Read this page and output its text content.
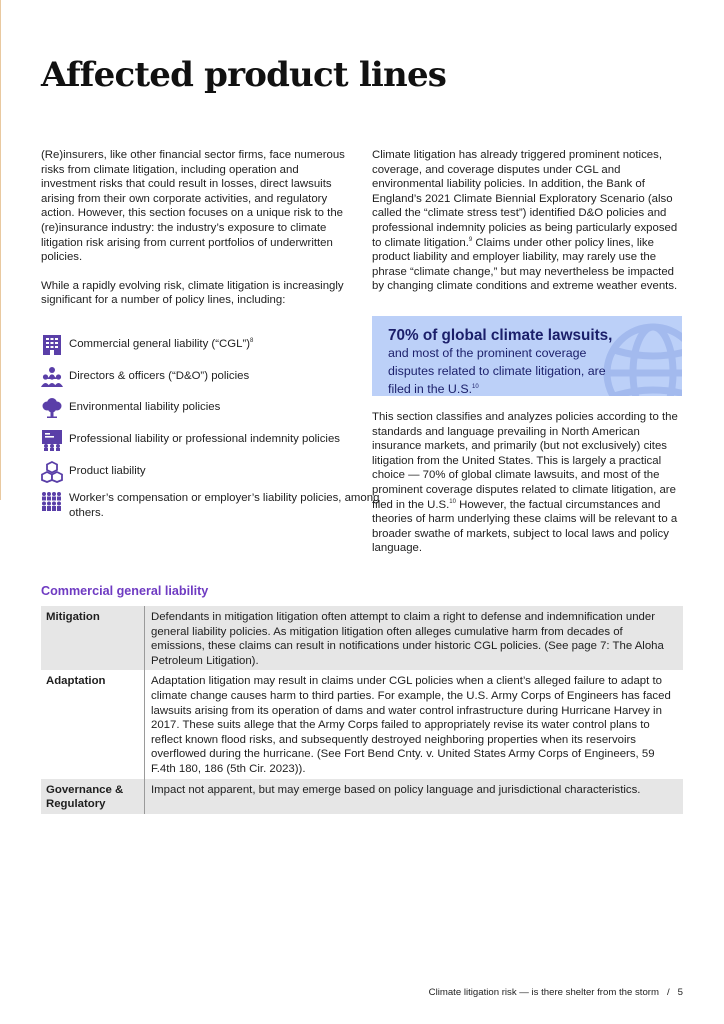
Affected product lines

(Re)insurers, like other financial sector firms, face numerous risks from climate litigation, including operation and investment risks that could result in losses, direct lawsuits arising from their own corporate activities, and regulatory action. However, this section focuses on a unique risk to the (re)insurance industry: the industry’s exposure to climate litigation risk arising from current portfolios of underwritten policies.

While a rapidly evolving risk, climate litigation is increasingly significant for a number of policy lines, including:

Commercial general liability (“CGL”)$^8$
Directors & officers (“D&O”) policies
Environmental liability policies
Professional liability or professional indemnity policies
Product liability
Worker’s compensation or employer’s liability policies, among others.

Climate litigation has already triggered prominent notices, coverage, and coverage disputes under CGL and environmental liability policies. In addition, the Bank of England’s 2021 Climate Biennial Exploratory Scenario (also called the “climate stress test”) identified D&O policies and professional indemnity policies as being particularly exposed to climate litigation.$^9$ Claims under other policy lines, like product liability and employer liability, may rarely use the phrase “climate change,” but may nevertheless be impacted by changing climate conditions and extreme weather events.

70% of global climate lawsuits,
and most of the prominent coverage disputes related to climate litigation, are filed in the U.S.$^{10}$

This section classifies and analyzes policies according to the standards and language prevailing in North American insurance markets, and primarily (but not exclusively) cites litigation from the United States. This is largely a practical choice — 70% of global climate lawsuits, and most of the prominent coverage disputes related to climate litigation, are filed in the U.S.$^{10}$ However, the factual circumstances and theories of harm underlying these claims will be relevant to a broader swathe of markets, subject to local laws and policy language.

Commercial general liability
Mitigation	Defendants in mitigation litigation often attempt to claim a right to defense and indemnification under general liability policies. As mitigation litigation often alleges cumulative harm from decades of emissions, these claims can result in notifications under historic CGL policies. (See page 7: The Aloha Petroleum Litigation).
Adaptation	Adaptation litigation may result in claims under CGL policies when a client’s alleged failure to adapt to climate change causes harm to third parties. For example, the U.S. Army Corps of Engineers has faced lawsuits arising from its operation of dams and water control infrastructure during Hurricane Harvey in 2017. These suits allege that the Army Corps failed to appropriately revise its water control plans to reflect known flood risks, and subsequently destroyed neighboring properties when its reservoirs overflowed during the hurricane. (See Fort Bend Cnty. v. United States Army Corps of Engineers, 59 F.4th 180, 186 (5th Cir. 2023)).
Governance & Regulatory	Impact not apparent, but may emerge based on policy language and jurisdictional characteristics.
Climate litigation risk — is there shelter from the storm / 5
